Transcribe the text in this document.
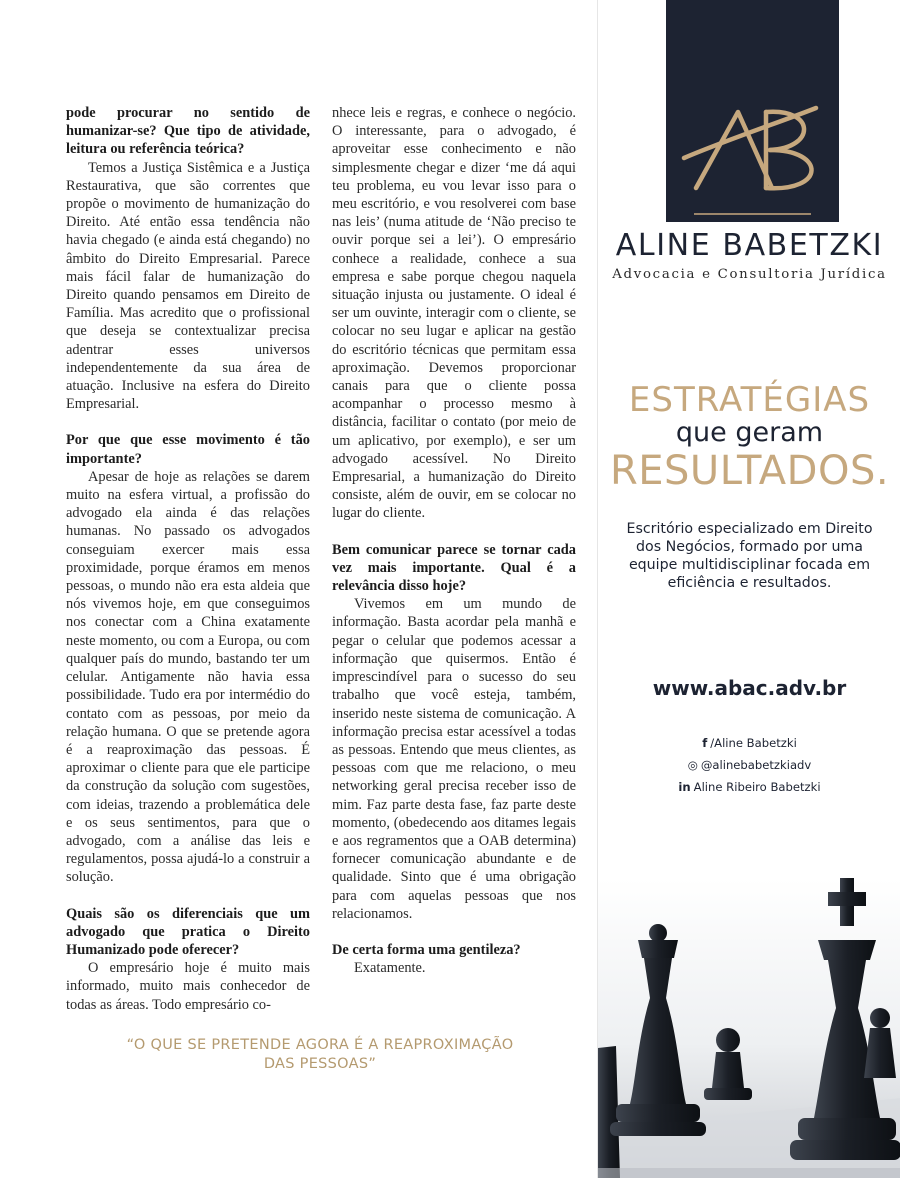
pode procurar no sentido de humanizar-se? Que tipo de atividade, leitura ou referência teórica?

Temos a Justiça Sistêmica e a Justiça Restaurativa, que são correntes que propõe o movimento de humanização do Direito. Até então essa tendência não havia chegado (e ainda está chegando) no âmbito do Direito Empresarial. Parece mais fácil falar de humanização do Direito quando pensamos em Direito de Família. Mas acredito que o profissional que deseja se contextualizar precisa adentrar esses universos independentemente da sua área de atuação. Inclusive na esfera do Direito Empresarial.

Por que que esse movimento é tão importante?

Apesar de hoje as relações se darem muito na esfera virtual, a profissão do advogado ela ainda é das relações humanas. No passado os advogados conseguiam exercer mais essa proximidade, porque éramos em menos pessoas, o mundo não era esta aldeia que nós vivemos hoje, em que conseguimos nos conectar com a China exatamente neste momento, ou com a Europa, ou com qualquer país do mundo, bastando ter um celular. Antigamente não havia essa possibilidade. Tudo era por intermédio do contato com as pessoas, por meio da relação humana. O que se pretende agora é a reaproximação das pessoas. É aproximar o cliente para que ele participe da construção da solução com sugestões, com ideias, trazendo a problemática dele e os seus sentimentos, para que o advogado, com a análise das leis e regulamentos, possa ajudá-lo a construir a solução.

Quais são os diferenciais que um advogado que pratica o Direito Humanizado pode oferecer?

O empresário hoje é muito mais informado, muito mais conhecedor de todas as áreas. Todo empresário co-

nhece leis e regras, e conhece o negócio. O interessante, para o advogado, é aproveitar esse conhecimento e não simplesmente chegar e dizer ‘me dá aqui teu problema, eu vou levar isso para o meu escritório, e vou resolverei com base nas leis’ (numa atitude de ‘Não preciso te ouvir porque sei a lei’). O empresário conhece a realidade, conhece a sua empresa e sabe porque chegou naquela situação injusta ou justamente. O ideal é ser um ouvinte, interagir com o cliente, se colocar no seu lugar e aplicar na gestão do escritório técnicas que permitam essa aproximação. Devemos proporcionar canais para que o cliente possa acompanhar o processo mesmo à distância, facilitar o contato (por meio de um aplicativo, por exemplo), e ser um advogado acessível. No Direito Empresarial, a humanização do Direito consiste, além de ouvir, em se colocar no lugar do cliente.

Bem comunicar parece se tornar cada vez mais importante. Qual é a relevância disso hoje?

Vivemos em um mundo de informação. Basta acordar pela manhã e pegar o celular que podemos acessar a informação que quisermos. Então é imprescindível para o sucesso do seu trabalho que você esteja, também, inserido neste sistema de comunicação. A informação precisa estar acessível a todas as pessoas. Entendo que meus clientes, as pessoas com que me relaciono, o meu networking geral precisa receber isso de mim. Faz parte desta fase, faz parte deste momento, (obedecendo aos ditames legais e aos regramentos que a OAB determina) fornecer comunicação abundante e de qualidade. Sinto que é uma obrigação para com aquelas pessoas que nos relacionamos.

De certa forma uma gentileza?

Exatamente.

“O QUE SE PRETENDE AGORA É A REAPROXIMAÇÃO DAS PESSOAS”
ALINE BABETZKI
Advocacia e Consultoria Jurídica
ESTRATÉGIAS
que geram
RESULTADOS.
Escritório especializado em Direito dos Negócios, formado por uma equipe multidisciplinar focada em eficiência e resultados.
www.abac.adv.br
f /Aline Babetzki
◎ @alinebabetzkiadv
in Aline Ribeiro Babetzki
